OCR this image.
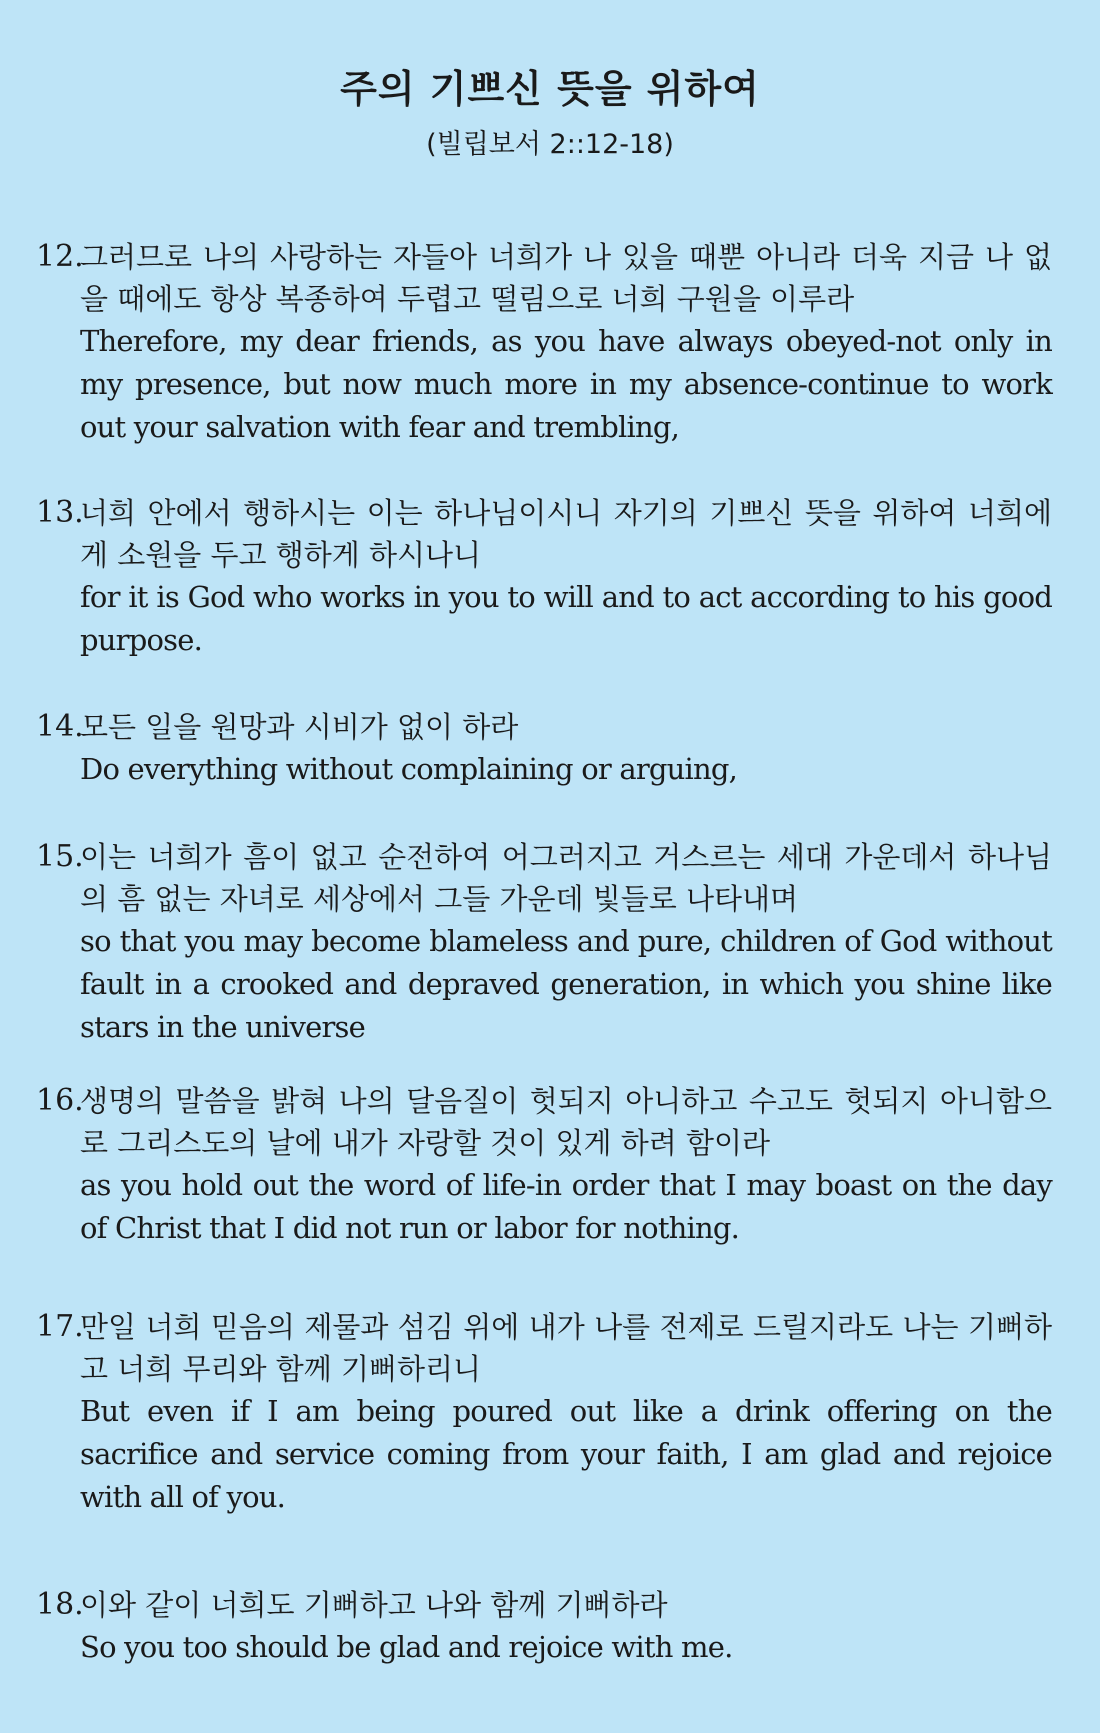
주의 기쁘신 뜻을 위하여
(빌립보서 2::12-18)
12.
그러므로 나의 사랑하는 자들아 너희가 나 있을 때뿐 아니라 더욱 지금 나 없을 때에도 항상 복종하여 두렵고 떨림으로 너희 구원을 이루라
Therefore, my dear friends, as you have always obeyed-not only in my presence, but now much more in my absence-continue to work out your salvation with fear and trembling,
13.
너희 안에서 행하시는 이는 하나님이시니 자기의 기쁘신 뜻을 위하여 너희에게 소원을 두고 행하게 하시나니
for it is God who works in you to will and to act according to his good purpose.
14.
모든 일을 원망과 시비가 없이 하라
Do everything without complaining or arguing,
15.
이는 너희가 흠이 없고 순전하여 어그러지고 거스르는 세대 가운데서 하나님의 흠 없는 자녀로 세상에서 그들 가운데 빛들로 나타내며
so that you may become blameless and pure, children of God without fault in a crooked and depraved generation, in which you shine like stars in the universe
16.
생명의 말씀을 밝혀 나의 달음질이 헛되지 아니하고 수고도 헛되지 아니함으로 그리스도의 날에 내가 자랑할 것이 있게 하려 함이라
as you hold out the word of life-in order that I may boast on the day of Christ that I did not run or labor for nothing.
17.
만일 너희 믿음의 제물과 섬김 위에 내가 나를 전제로 드릴지라도 나는 기뻐하고 너희 무리와 함께 기뻐하리니
But even if I am being poured out like a drink offering on the sacrifice and service coming from your faith, I am glad and rejoice with all of you.
18.
이와 같이 너희도 기뻐하고 나와 함께 기뻐하라
So you too should be glad and rejoice with me.
